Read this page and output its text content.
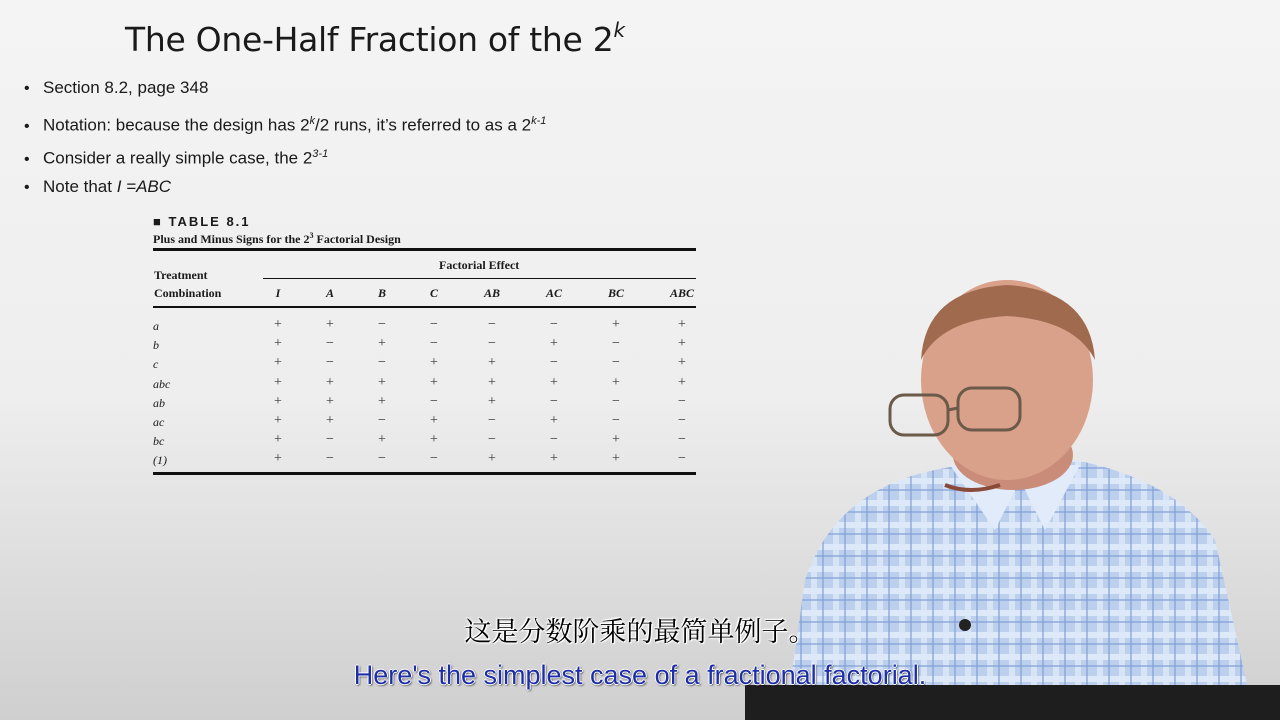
The One-Half Fraction of the 2$^k$
• Section 8.2, page 348
• Notation: because the design has 2$^k$/2 runs, it’s referred to as a 2$^{k-1}$
• Consider a really simple case, the 2$^{3-1}$
• Note that I =ABC
■ TABLE 8.1
Plus and Minus Signs for the $2^3$ Factorial Design
Treatment
Combination
Factorial Effect
I	A	B	C	AB	AC	BC	ABC
a	+	+	−	−	−	−	+	+
b	+	−	+	−	−	+	−	+
c	+	−	−	+	+	−	−	+
abc	+	+	+	+	+	+	+	+
ab	+	+	+	−	+	−	−	−
ac	+	+	−	+	−	+	−	−
bc	+	−	+	+	−	−	+	−
(1)	+	−	−	−	+	+	+	−
这是分数阶乘的最简单例子。
Here's the simplest case of a fractional factorial.
